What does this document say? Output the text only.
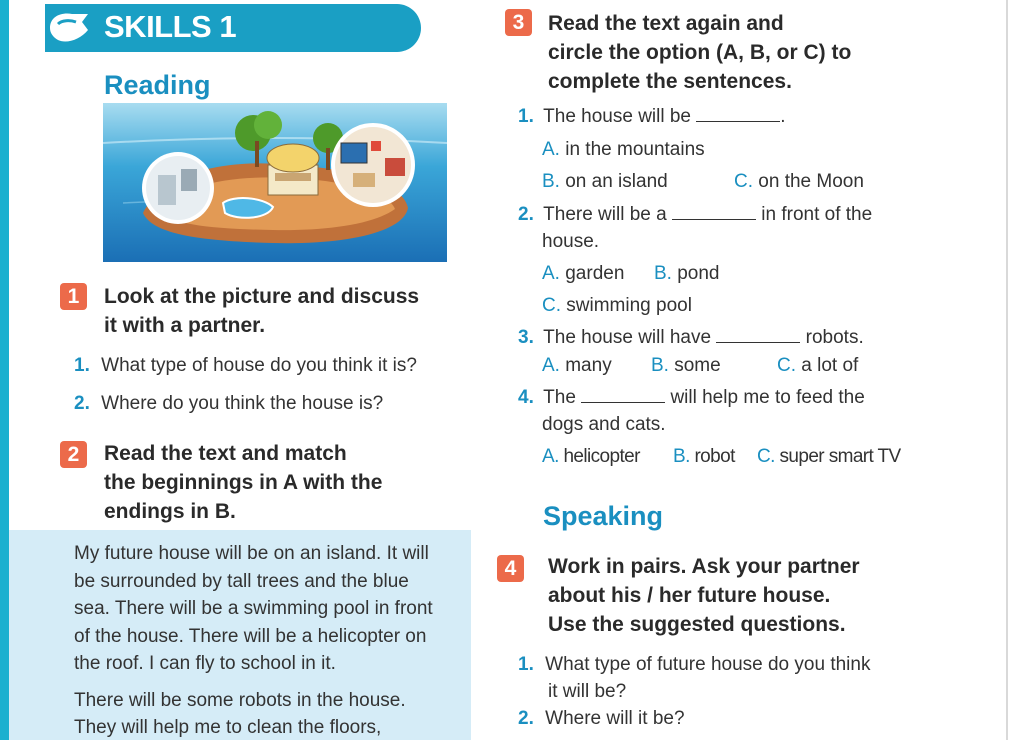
SKILLS 1
Reading
1	Look at the picture and discuss
it with a partner.
1. What type of house do you think it is?
2. Where do you think the house is?
2	Read the text and match
the beginnings in A with the
endings in B.
My future house will be on an island. It will
be surrounded by tall trees and the blue
sea. There will be a swimming pool in front
of the house. There will be a helicopter on
the roof. I can fly to school in it.
There will be some robots in the house.
They will help me to clean the floors,
3	Read the text again and
circle the option (A, B, or C) to
complete the sentences.
1. The house will be	.
A. in the mountains
B. on an island	C. on the Moon
2. There will be a	in front of the
house.
A. garden B. pond
C. swimming pool
3. The house will have	robots.
A. many B. some	C. a lot of
4. The	will help me to feed the
dogs and cats.
A. helicopter B. robot C. super smart TV
Speaking
4	Work in pairs. Ask your partner
about his / her future house.
Use the suggested questions.
1. What type of future house do you think
it will be?
2. Where will it be?
